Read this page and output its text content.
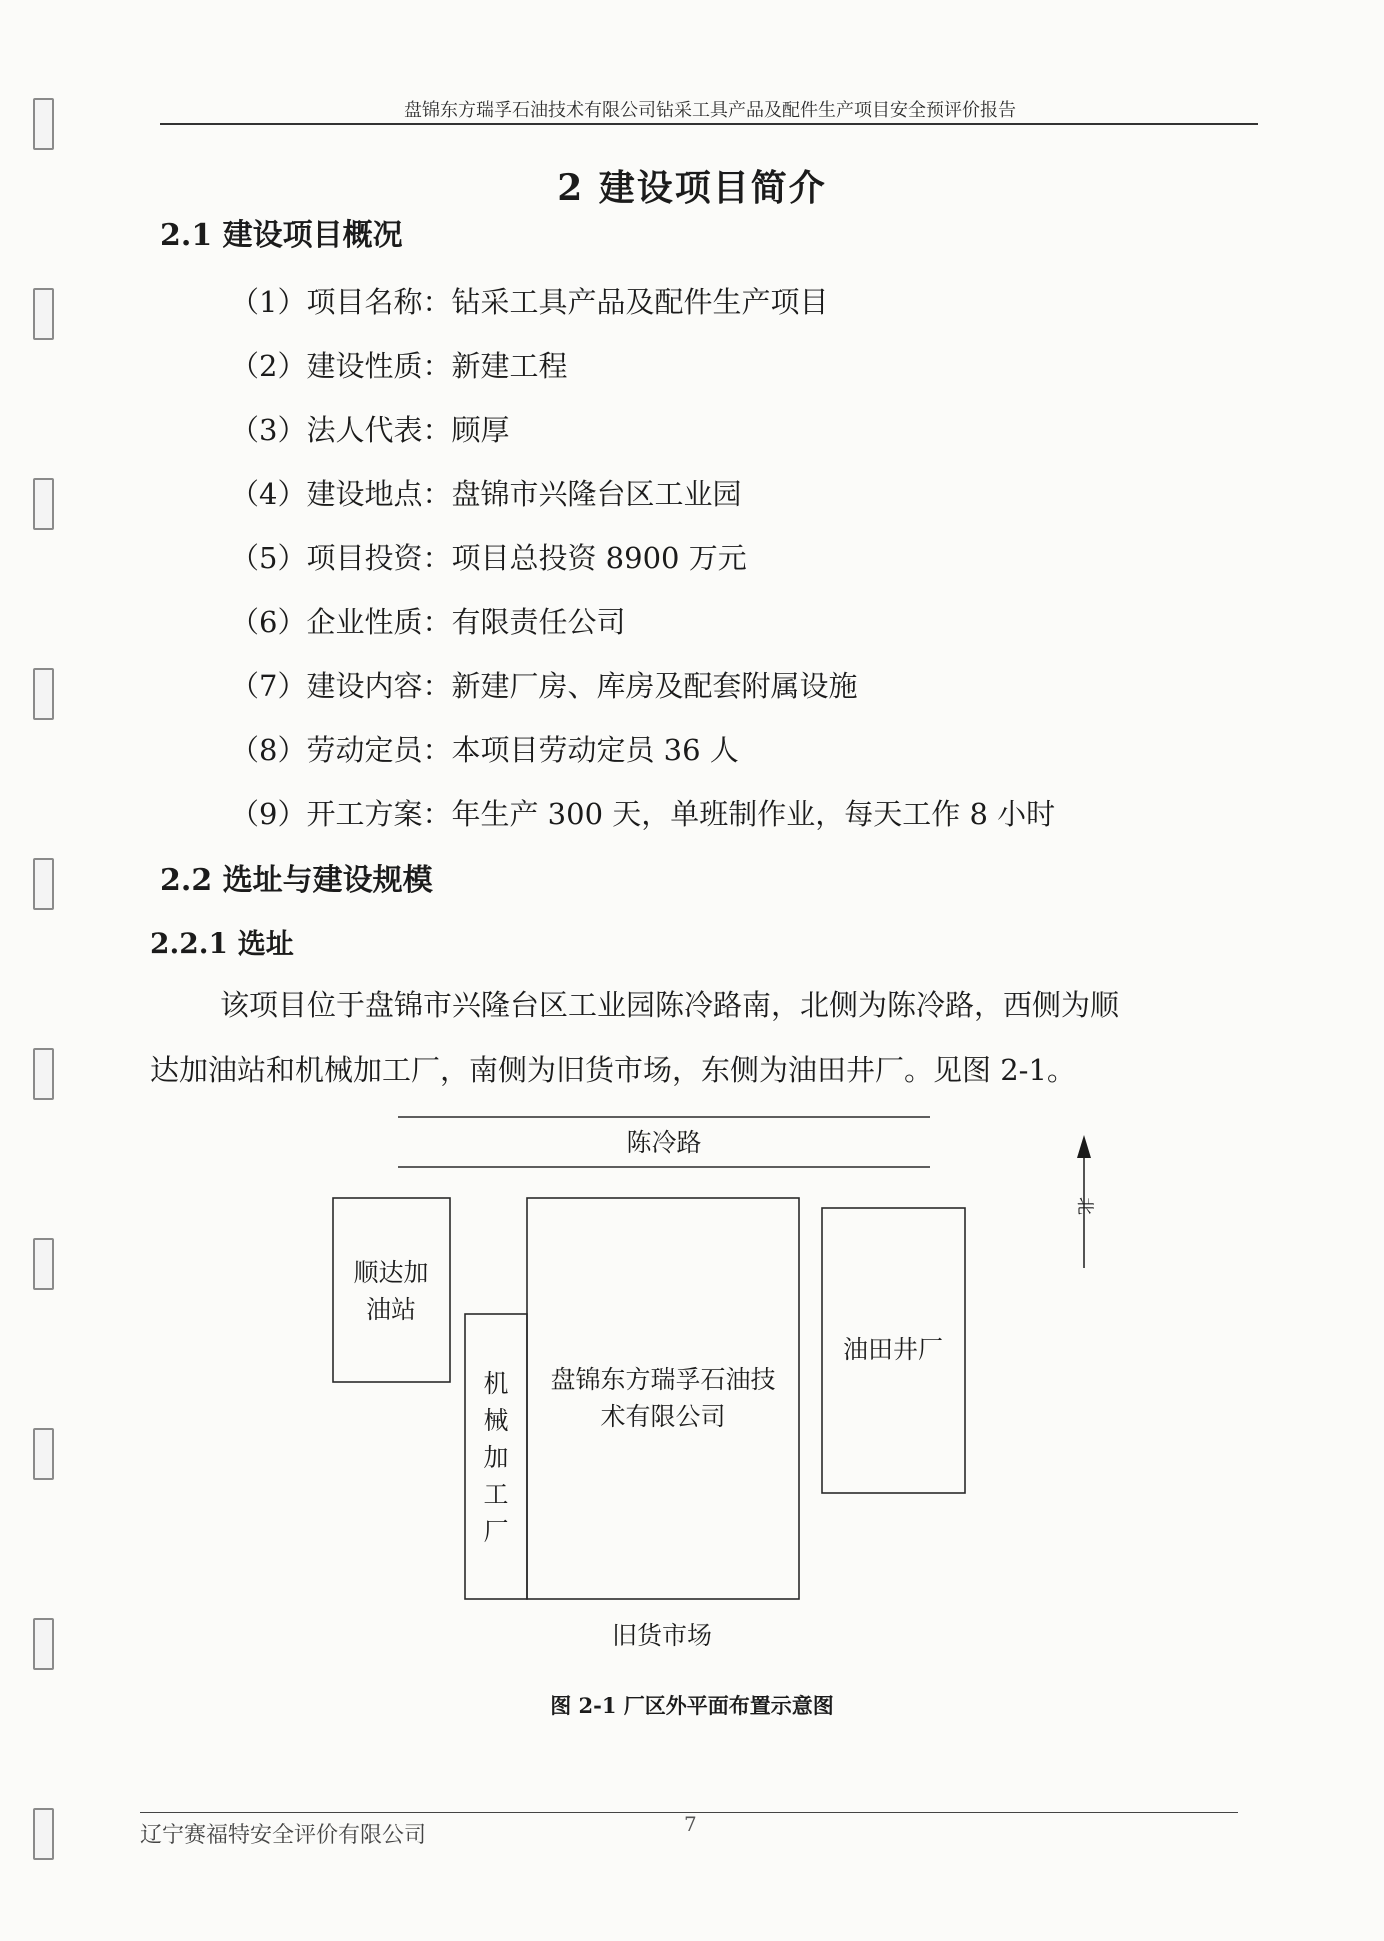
盘锦东方瑞孚石油技术有限公司钻采工具产品及配件生产项目安全预评价报告
2 建设项目简介
2.1 建设项目概况
（1）项目名称：钻采工具产品及配件生产项目
（2）建设性质：新建工程
（3）法人代表：顾厚
（4）建设地点：盘锦市兴隆台区工业园
（5）项目投资：项目总投资 8900 万元
（6）企业性质：有限责任公司
（7）建设内容：新建厂房、库房及配套附属设施
（8）劳动定员：本项目劳动定员 36 人
（9）开工方案：年生产 300 天，单班制作业，每天工作 8 小时
2.2 选址与建设规模
2.2.1 选址

该项目位于盘锦市兴隆台区工业园陈冷路南，北侧为陈冷路，西侧为顺

达加油站和机械加工厂，南侧为旧货市场，东侧为油田井厂。见图 2-1。

陈冷路
北
顺达加
油站
机
械
加
工
厂
盘锦东方瑞孚石油技
术有限公司
油田井厂
旧货市场
图 2-1 厂区外平面布置示意图
辽宁赛福特安全评价有限公司	7
